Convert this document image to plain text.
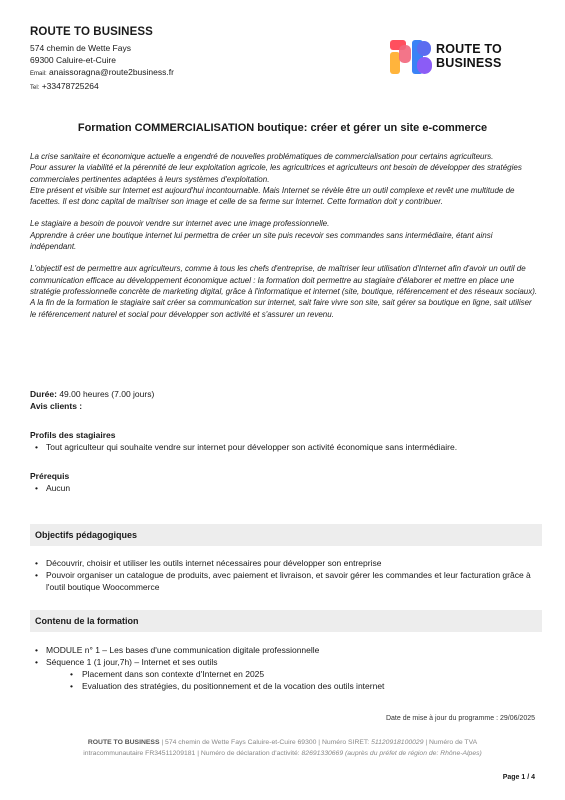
ROUTE TO BUSINESS
574 chemin de Wette Fays
69300 Caluire-et-Cuire
Email: anaissoragna@route2business.fr
Tel: +33478725264
ROUTE TO
BUSINESS
Formation COMMERCIALISATION boutique: créer et gérer un site e-commerce

La crise sanitaire et économique actuelle a engendré de nouvelles problématiques de commercialisation pour certains agriculteurs.
Pour assurer la viabilité et la pérennité de leur exploitation agricole, les agricultrices et agriculteurs ont besoin de développer des stratégies commerciales pertinentes adaptées à leurs systèmes d'exploitation.
Etre présent et visible sur Internet est aujourd'hui incontournable. Mais Internet se révèle être un outil complexe et revêt une multitude de facettes. Il est donc capital de maîtriser son image et celle de sa ferme sur Internet. Cette formation doit y contribuer.

Le stagiaire a besoin de pouvoir vendre sur internet avec une image professionnelle.
Apprendre à créer une boutique internet lui permettra de créer un site puis recevoir ses commandes sans intermédiaire, étant ainsi indépendant.

L'objectif est de permettre aux agriculteurs, comme à tous les chefs d'entreprise, de maîtriser leur utilisation d'Internet afin d'avoir un outil de communication efficace au développement économique actuel : la formation doit permettre au stagiaire d'élaborer et mettre en place une stratégie professionnelle concrète de marketing digital, grâce à l'informatique et internet (site, boutique, référencement et des réseaux sociaux).
A la fin de la formation le stagiaire sait créer sa communication sur internet, sait faire vivre son site, sait gérer sa boutique en ligne, sait utiliser le référencement naturel et social pour développer son activité et s'assurer un revenu.

Durée: 49.00 heures (7.00 jours)
Avis clients :
Profils des stagiaires
• Tout agriculteur qui souhaite vendre sur internet pour développer son activité économique sans intermédiaire.
Prérequis
• Aucun
Objectifs pédagogiques
• Découvrir, choisir et utiliser les outils internet nécessaires pour développer son entreprise
• Pouvoir organiser un catalogue de produits, avec paiement et livraison, et savoir gérer les commandes et leur facturation grâce à l'outil boutique Woocommerce
Contenu de la formation
• MODULE n° 1 – Les bases d'une communication digitale professionnelle
• Séquence 1 (1 jour,7h) – Internet et ses outils
• Placement dans son contexte d'Internet en 2025
• Evaluation des stratégies, du positionnement et de la vocation des outils internet
Date de mise à jour du programme : 29/06/2025
ROUTE TO BUSINESS | 574 chemin de Wette Fays Caluire-et-Cuire 69300 | Numéro SIRET: 51120918100029 | Numéro de TVA
intracommunautaire FR34511209181 | Numéro de déclaration d'activité: 82691330669 (auprès du préfet de région de: Rhône-Alpes)
Page 1 / 4
